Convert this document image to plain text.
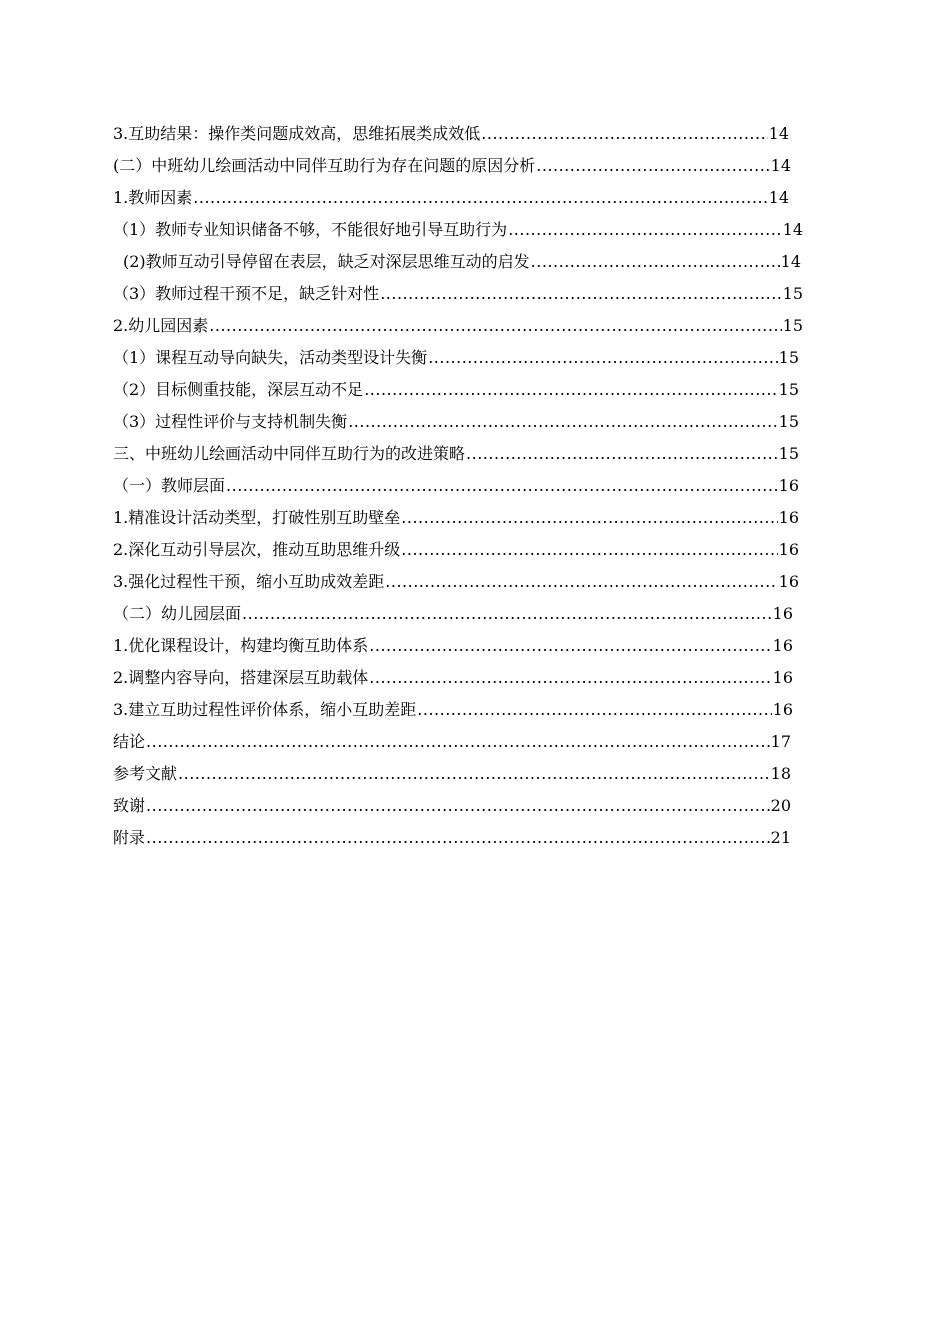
3.互助结果：操作类问题成效高，思维拓展类成效低 .....	14
(二）中班幼儿绘画活动中同伴互助行为存在问题的原因分析 .....	14
1.教师因素 .....	14
（1）教师专业知识储备不够，不能很好地引导互助行为 .....	14
(2)教师互动引导停留在表层，缺乏对深层思维互动的启发 .....	14
（3）教师过程干预不足，缺乏针对性 .....	15
2.幼儿园因素 .....	15
（1）课程互动导向缺失，活动类型设计失衡 .....	15
（2）目标侧重技能，深层互动不足 .....	15
（3）过程性评价与支持机制失衡 .....	15
三、中班幼儿绘画活动中同伴互助行为的改进策略 .....	15
（一）教师层面 .....	16
1.精准设计活动类型，打破性别互助壁垒 .....	16
2.深化互动引导层次，推动互助思维升级 .....	16
3.强化过程性干预，缩小互助成效差距 .....	16
（二）幼儿园层面 .....	16
1.优化课程设计，构建均衡互助体系 .....	16
2.调整内容导向，搭建深层互助载体 .....	16
3.建立互助过程性评价体系，缩小互助差距 .....	16
结论 .....	17
参考文献 .....	18
致谢 .....	20
附录 .....	21
